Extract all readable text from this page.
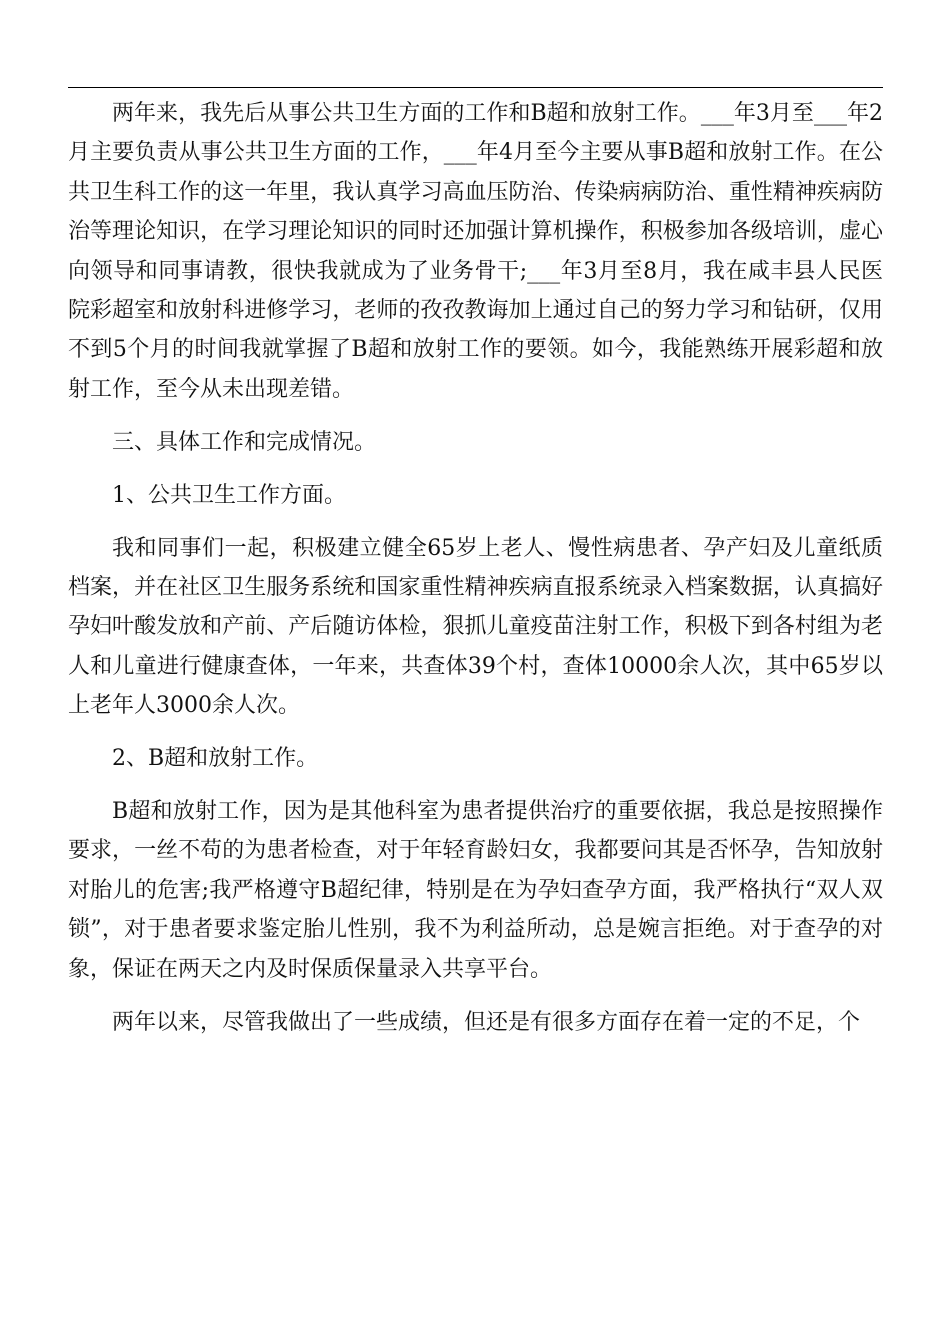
两年来，我先后从事公共卫生方面的工作和B超和放射工作。___年3月至___年2月主要负责从事公共卫生方面的工作，___年4月至今主要从事B超和放射工作。在公共卫生科工作的这一年里，我认真学习高血压防治、传染病病防治、重性精神疾病防治等理论知识，在学习理论知识的同时还加强计算机操作，积极参加各级培训，虚心向领导和同事请教，很快我就成为了业务骨干;___年3月至8月，我在咸丰县人民医院彩超室和放射科进修学习，老师的孜孜教诲加上通过自己的努力学习和钻研，仅用不到5个月的时间我就掌握了B超和放射工作的要领。如今，我能熟练开展彩超和放射工作，至今从未出现差错。

三、具体工作和完成情况。

1、公共卫生工作方面。

我和同事们一起，积极建立健全65岁上老人、慢性病患者、孕产妇及儿童纸质档案，并在社区卫生服务系统和国家重性精神疾病直报系统录入档案数据，认真搞好孕妇叶酸发放和产前、产后随访体检，狠抓儿童疫苗注射工作，积极下到各村组为老人和儿童进行健康查体，一年来，共查体39个村，查体10000余人次，其中65岁以上老年人3000余人次。

2、B超和放射工作。

B超和放射工作，因为是其他科室为患者提供治疗的重要依据，我总是按照操作要求，一丝不苟的为患者检查，对于年轻育龄妇女，我都要问其是否怀孕，告知放射对胎儿的危害;我严格遵守B超纪律，特别是在为孕妇查孕方面，我严格执行“双人双锁”，对于患者要求鉴定胎儿性别，我不为利益所动，总是婉言拒绝。对于查孕的对象，保证在两天之内及时保质保量录入共享平台。

两年以来，尽管我做出了一些成绩，但还是有很多方面存在着一定的不足，个
